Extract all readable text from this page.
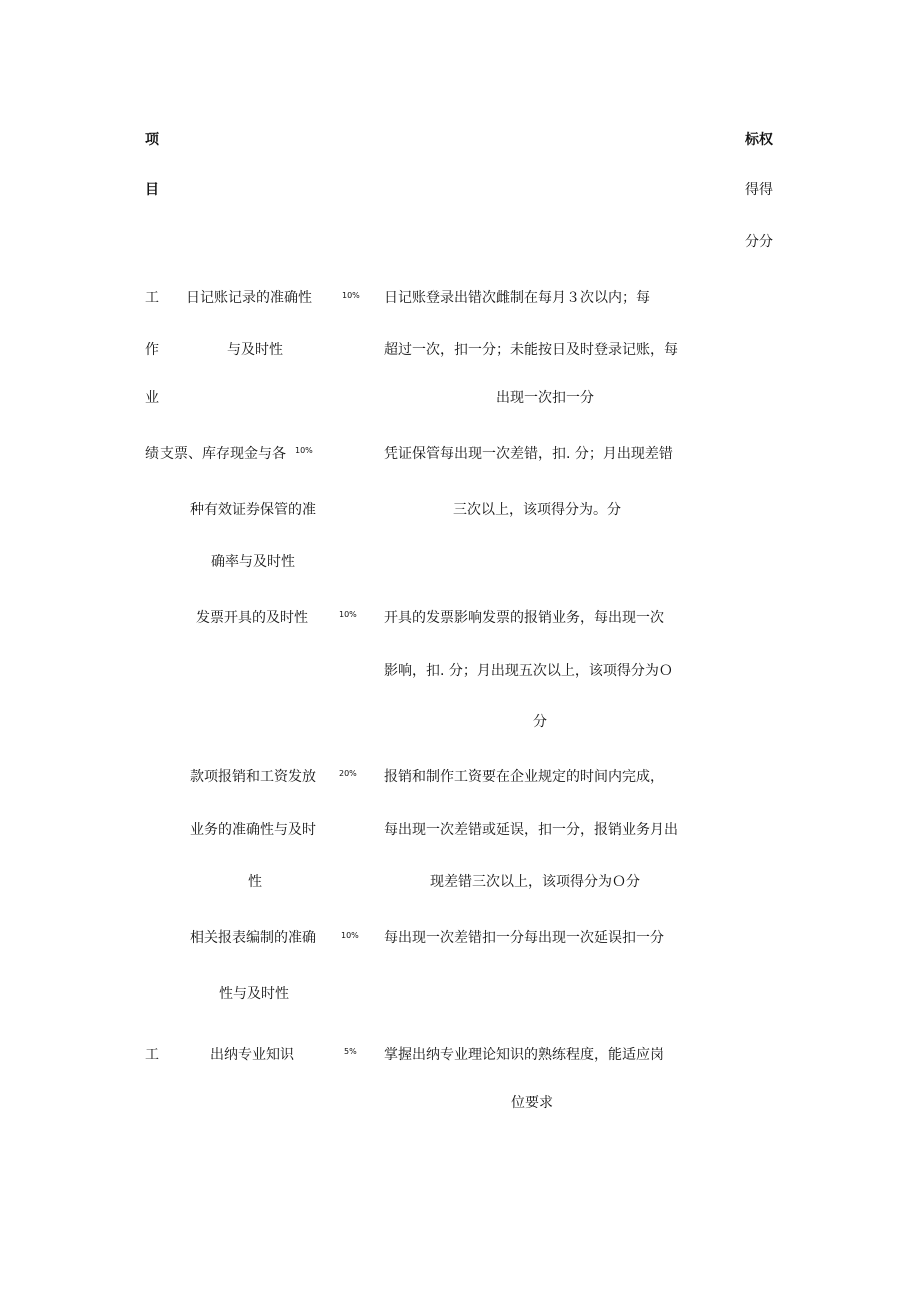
项
目
标权
得得
分分
工
作
业
绩
工
日记账记录的准确性
与及时性
10% 日记账登录出错次雌制在每月３次以内；每
超过一次，扣一分；未能按日及时登录记账，每
出现一次扣一分
支票、库存现金与各 10%
种有效证券保管的准
确率与及时性
凭证保管每出现一次差错，扣. 分；月出现差错
三次以上，该项得分为。分
发票开具的及时性	10% 开具的发票影响发票的报销业务，每出现一次
影响，扣. 分；月出现五次以上，该项得分为Ｏ
分
款项报销和工资发放
业务的准确性与及时
性
20% 报销和制作工资要在企业规定的时间内完成，
每出现一次差错或延误，扣一分，报销业务月出
现差错三次以上，该项得分为Ｏ分
相关报表编制的准确
性与及时性
10% 每出现一次差错扣一分每出现一次延误扣一分
出纳专业知识	5% 掌握出纳专业理论知识的熟练程度，能适应岗
位要求
